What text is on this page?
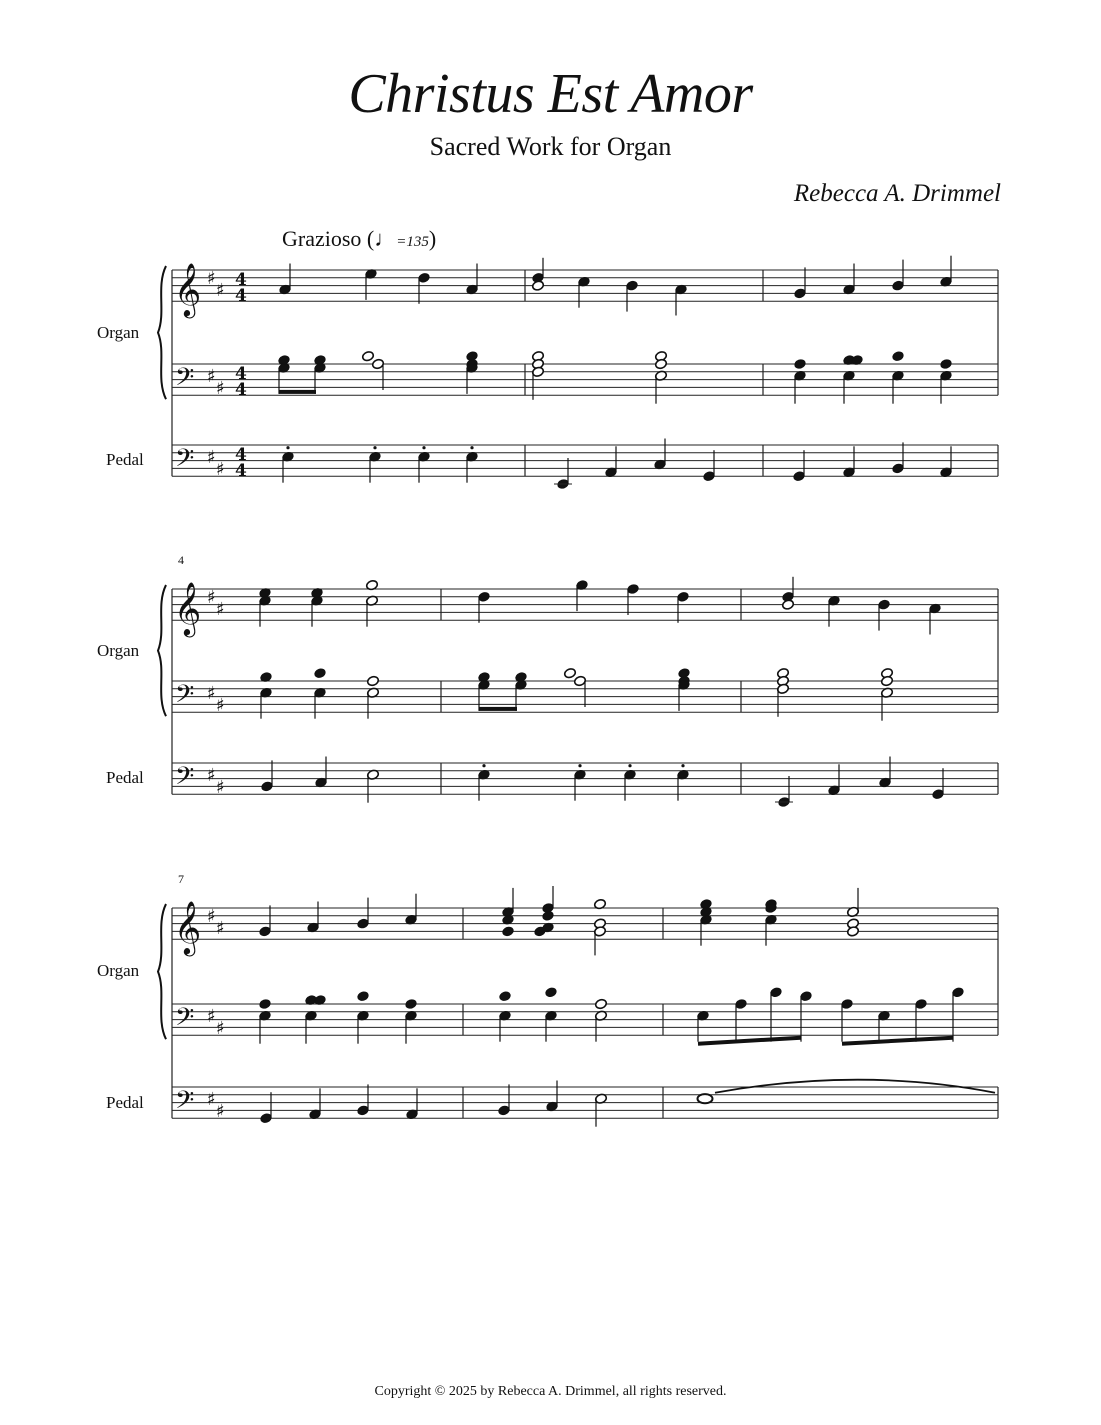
Christus Est Amor
Sacred Work for Organ
Rebecca A. Drimmel
Grazioso (♩=135)
Organ
Pedal
Organ
Pedal
Organ
Pedal
4
7
𝄞
𝄢
𝄢
♯
♯
♯
♯
♯
♯
4
4
4
4
4
4
𝄞
𝄢
𝄢
♯
♯
♯
♯
♯
♯
𝄞
𝄢
𝄢
♯
♯
♯
♯
♯
♯
Copyright © 2025 by Rebecca A. Drimmel, all rights reserved.
